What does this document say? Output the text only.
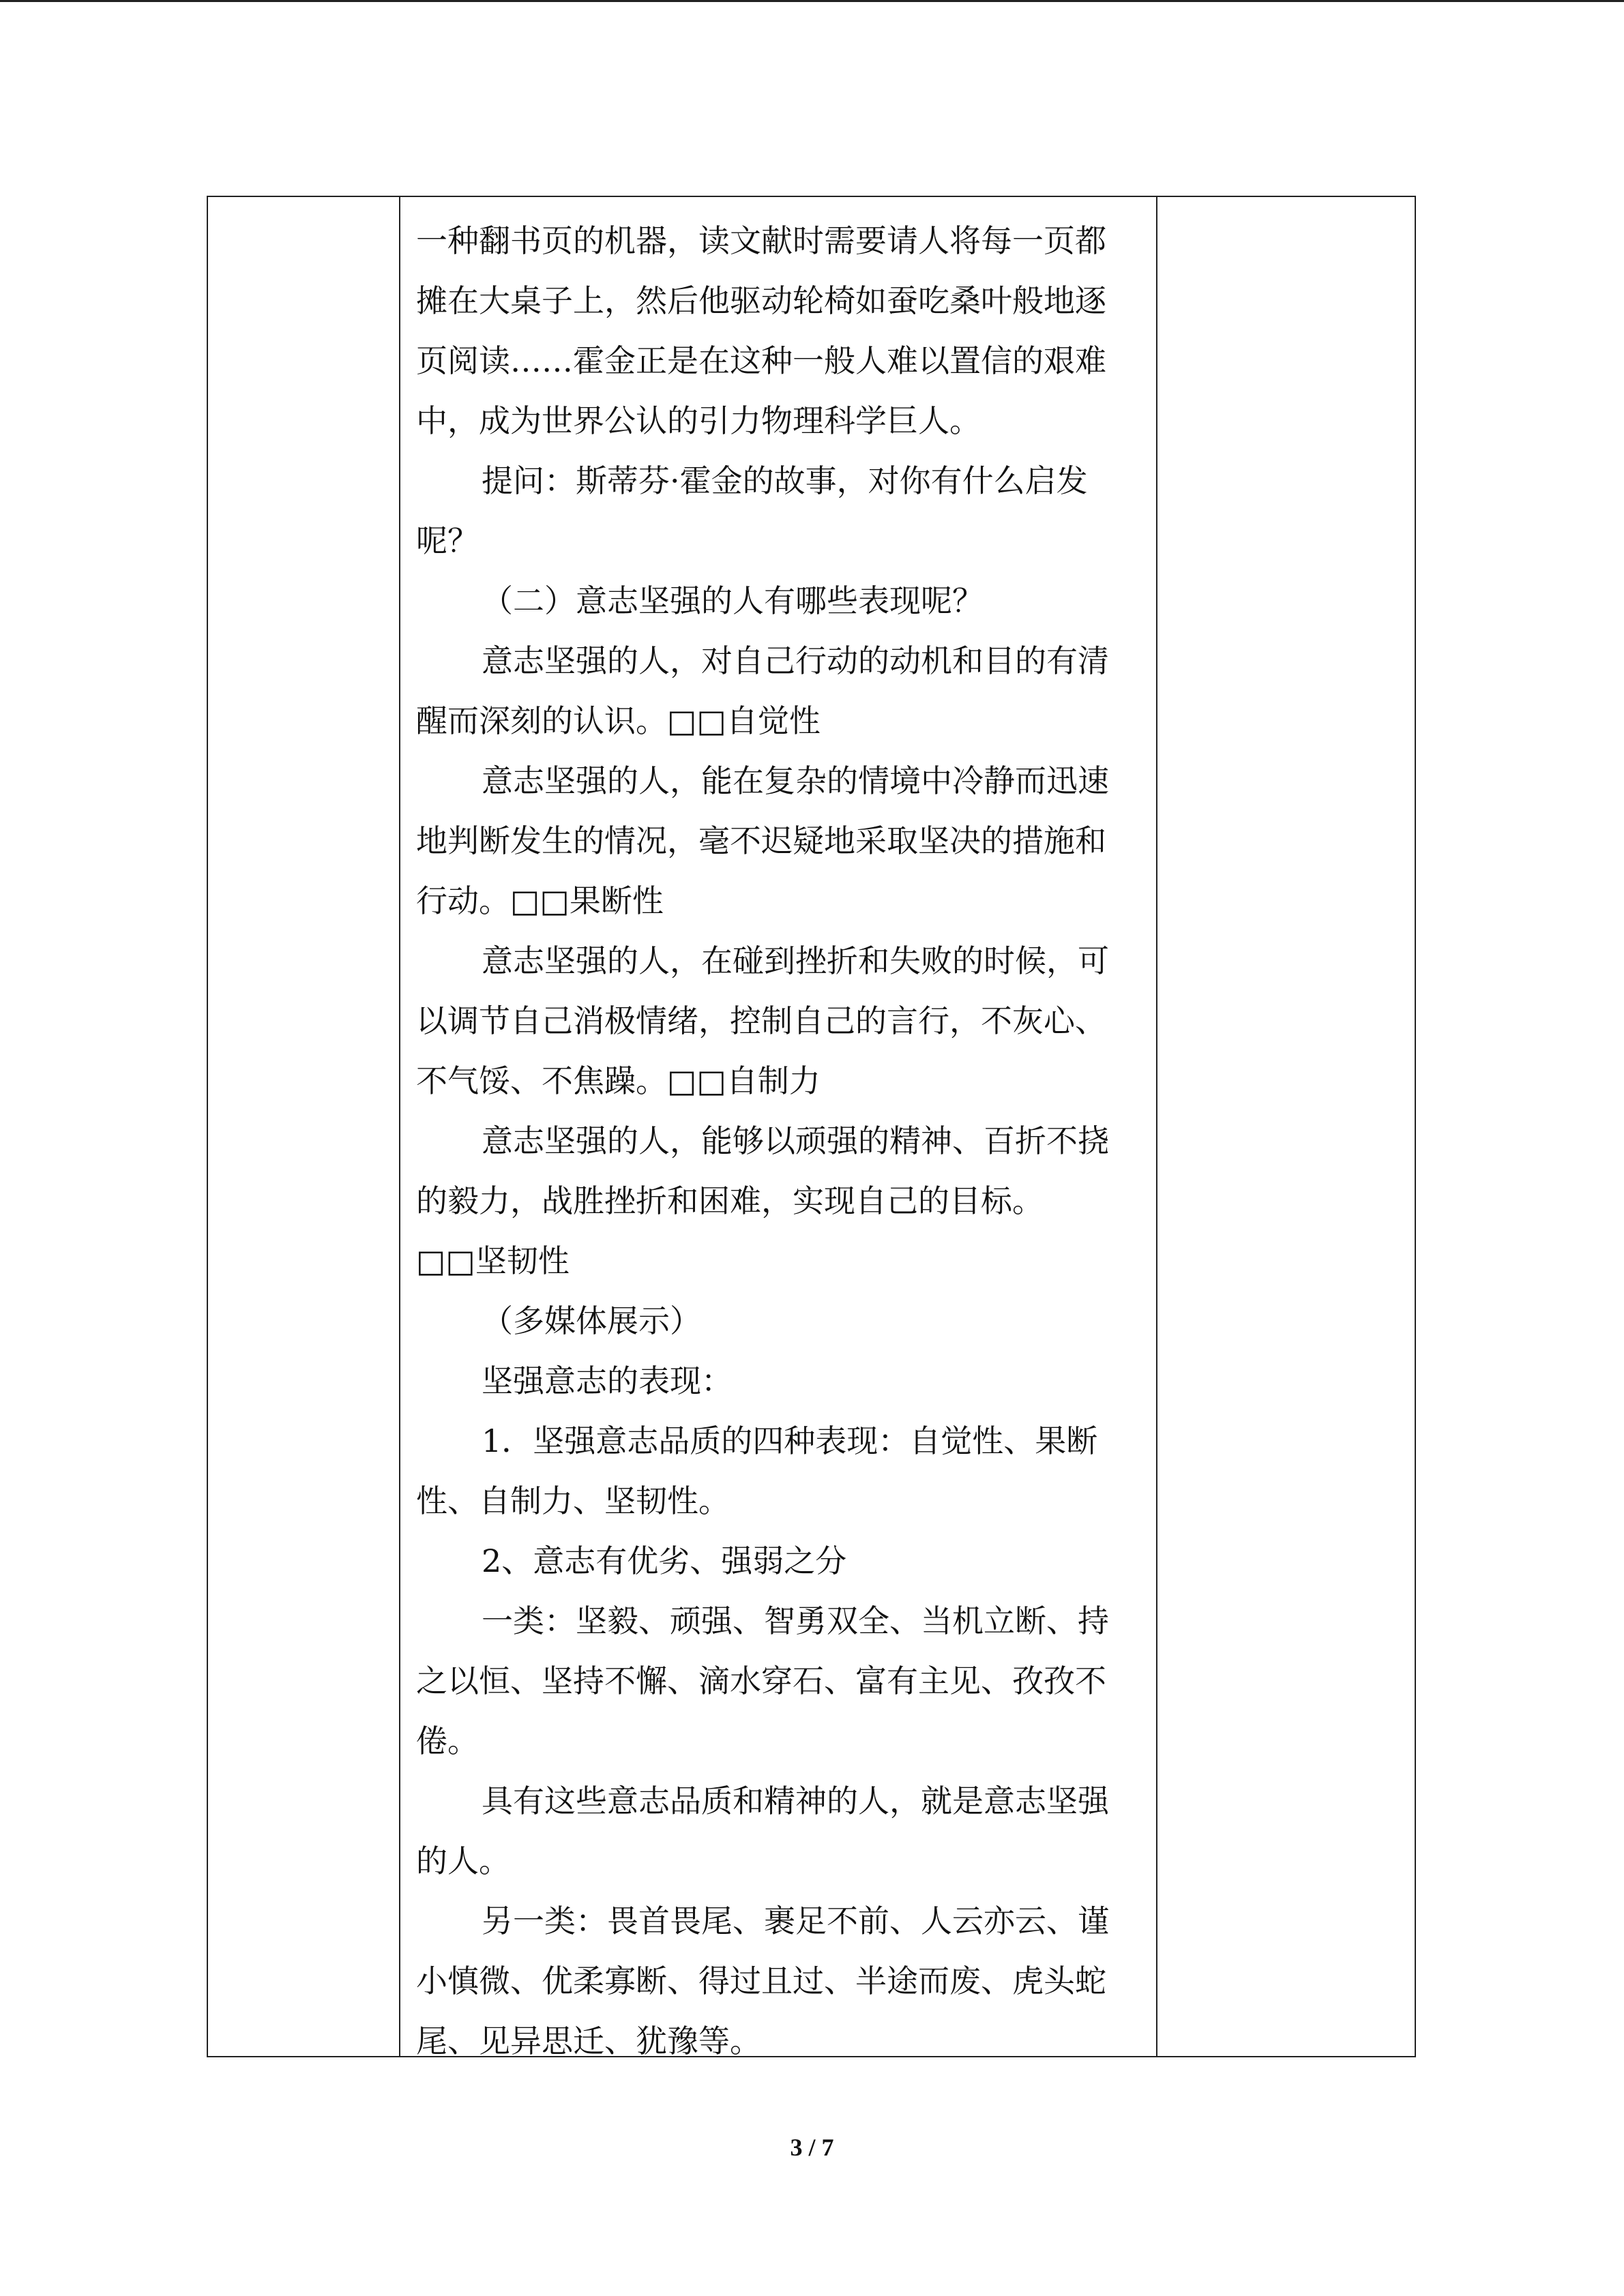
一种翻书页的机器，读文献时需要请人将每一页都
摊在大桌子上，然后他驱动轮椅如蚕吃桑叶般地逐
页阅读……霍金正是在这种一般人难以置信的艰难
中，成为世界公认的引力物理科学巨人。
提问：斯蒂芬·霍金的故事，对你有什么启发
呢？
（二）意志坚强的人有哪些表现呢？
意志坚强的人，对自己行动的动机和目的有清
醒而深刻的认识。□□自觉性
意志坚强的人，能在复杂的情境中冷静而迅速
地判断发生的情况，毫不迟疑地采取坚决的措施和
行动。□□果断性
意志坚强的人，在碰到挫折和失败的时候，可
以调节自己消极情绪，控制自己的言行，不灰心、
不气馁、不焦躁。□□自制力
意志坚强的人，能够以顽强的精神、百折不挠
的毅力，战胜挫折和困难，实现自己的目标。
□□坚韧性
（多媒体展示）
坚强意志的表现：
1．坚强意志品质的四种表现：自觉性、果断
性、自制力、坚韧性。
2、意志有优劣、强弱之分
一类：坚毅、顽强、智勇双全、当机立断、持
之以恒、坚持不懈、滴水穿石、富有主见、孜孜不
倦。
具有这些意志品质和精神的人，就是意志坚强
的人。
另一类：畏首畏尾、裹足不前、人云亦云、谨
小慎微、优柔寡断、得过且过、半途而废、虎头蛇
尾、见异思迁、犹豫等。
3 / 7
